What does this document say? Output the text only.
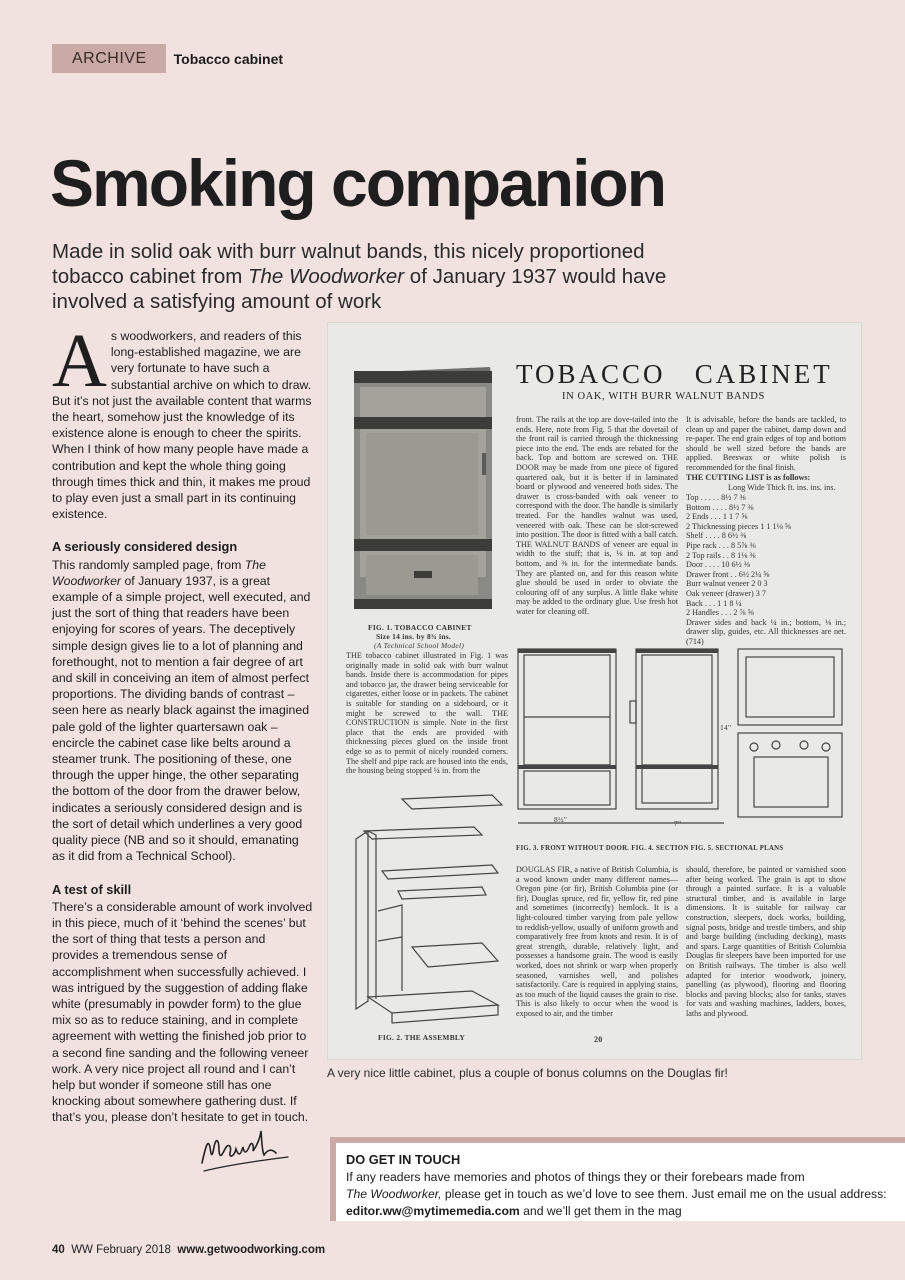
ARCHIVE	Tobacco cabinet
Smoking companion

Made in solid oak with burr walnut bands, this nicely proportioned tobacco cabinet from The Woodworker of January 1937 would have involved a satisfying amount of work

As woodworkers, and readers of this long-established magazine, we are very fortunate to have such a substantial archive on which to draw. But it’s not just the available content that warms the heart, somehow just the knowledge of its existence alone is enough to cheer the spirits. When I think of how many people have made a contribution and kept the whole thing going through times thick and thin, it makes me proud to play even just a small part in its continuing existence.

A seriously considered design

This randomly sampled page, from The Woodworker of January 1937, is a great example of a simple project, well executed, and just the sort of thing that readers have been enjoying for scores of years. The deceptively simple design gives lie to a lot of planning and forethought, not to mention a fair degree of art and skill in conceiving an item of almost perfect proportions. The dividing bands of contrast – seen here as nearly black against the imagined pale gold of the lighter quartersawn oak – encircle the cabinet case like belts around a steamer trunk. The positioning of these, one through the upper hinge, the other separating the bottom of the door from the drawer below, indicates a seriously considered design and is the sort of detail which underlines a very good quality piece (NB and so it should, emanating as it did from a Technical School).

A test of skill

There’s a considerable amount of work involved in this piece, much of it ‘behind the scenes’ but the sort of thing that tests a person and provides a tremendous sense of accomplishment when successfully achieved. I was intrigued by the suggestion of adding flake white (presumably in powder form) to the glue mix so as to reduce staining, and in complete agreement with wetting the finished job prior to a second fine sanding and the following veneer work. A very nice project all round and I can’t help but wonder if someone still has one knocking about somewhere gathering dust. If that’s you, please don’t hesitate to get in touch.

FIG. 1. TOBACCO CABINET
Size 14 ins. by 8¾ ins.
(A Technical School Model)
TOBACCO   CABINET
IN OAK, WITH BURR WALNUT BANDS
front. The rails at the top are dove-tailed into the ends. Here, note from Fig. 5 that the dovetail of the front rail is carried through the thicknessing piece into the end. The ends are rebated for the back. Top and bottom are screwed on. THE DOOR may be made from one piece of figured quartered oak, but it is better if in laminated board or plywood and veneered both sides. The drawer is cross-banded with oak veneer to correspond with the door. The handle is similarly treated. For the handles walnut was used, veneered with oak. These can be slot-screwed into position. The door is fitted with a ball catch. THE WALNUT BANDS of veneer are equal in width to the stuff; that is, ⅛ in. at top and bottom, and ⅜ in. for the intermediate bands. They are planted on, and for this reason white glue should be used in order to obviate the colouring off of any surplus. A little flake white may be added to the ordinary glue. Use fresh hot water for cleaning off.
It is advisable, before the bands are tackled, to clean up and paper the cabinet, damp down and re-paper. The end grain edges of top and bottom should be well sized before the bands are applied. Beeswax or white polish is recommended for the final finish.
THE CUTTING LIST is as follows:
Long Wide Thick ft. ins. ins. ins.
Top . . . . . 8½ 7 ⅜
Bottom . . . . 8½ 7 ⅜
2 Ends . . . 1 1 7 ⅝
2 Thicknessing pieces 1 1 1⅛ ⅝
Shelf . . . . 8 6½ ⅜
Pipe rack . . . 8 5⅞ ⅜
2 Top rails . . 8 1⅛ ⅜
Door . . . . 10 6½ ⅜
Drawer front . . 6½ 2¼ ⅝
Burr walnut veneer 2 0 3
Oak veneer (drawer) 3 7
Back . . . 1 1 8 ¼
2 Handles . . . 2 ⅞ ⅝
Drawer sides and back ¼ in.; bottom, ⅛ in.; drawer slip, guides, etc. All thicknesses are net. (714)
THE tobacco cabinet illustrated in Fig. 1 was originally made in solid oak with burr walnut bands. Inside there is accommodation for pipes and tobacco jar, the drawer being serviceable for cigarettes, either loose or in packets. The cabinet is suitable for standing on a sideboard, or it might be screwed to the wall. THE CONSTRUCTION is simple. Note in the first place that the ends are provided with thicknessing pieces glued on the inside front edge so as to permit of nicely rounded corners. The shelf and pipe rack are housed into the ends, the housing being stopped ¼ in. from the
FIG. 2. THE ASSEMBLY
8½"	7"
14"
FIG. 3. FRONT WITHOUT DOOR. FIG. 4. SECTION FIG. 5. SECTIONAL PLANS
DOUGLAS FIR, a native of British Columbia, is a wood known under many different names—Oregon pine (or fir), British Columbia pine (or fir), Douglas spruce, red fir, yellow fir, red pine and sometimes (incorrectly) hemlock. It is a light-coloured timber varying from pale yellow to reddish-yellow, usually of uniform growth and comparatively free from knots and resin. It is of great strength, durable, relatively light, and possesses a handsome grain. The wood is easily worked, does not shrink or warp when properly seasoned, varnishes well, and polishes satisfactorily. Care is required in applying stains, as too much of the liquid causes the grain to rise. This is also likely to occur when the wood is exposed to air, and the timber
should, therefore, be painted or varnished soon after being worked. The grain is apt to show through a painted surface. It is a valuable structural timber, and is available in large dimensions. It is suitable for railway car construction, sleepers, dock works, building, signal posts, bridge and trestle timbers, and ship and barge building (including decking), masts and spars. Large quantities of British Columbia Douglas fir sleepers have been imported for use on British railways. The timber is also well adapted for interior woodwork, joinery, panelling (as plywood), flooring and flooring blocks and paving blocks; also for tanks, staves for vats and washing machines, ladders, boxes, laths and plywood.
20
A very nice little cabinet, plus a couple of bonus columns on the Douglas fir!
DO GET IN TOUCH
If any readers have memories and photos of things they or their forebears made from
The Woodworker, please get in touch as we’d love to see them. Just email me on the usual address:
editor.ww@mytimemedia.com and we’ll get them in the mag
40 WW February 2018 www.getwoodworking.com
